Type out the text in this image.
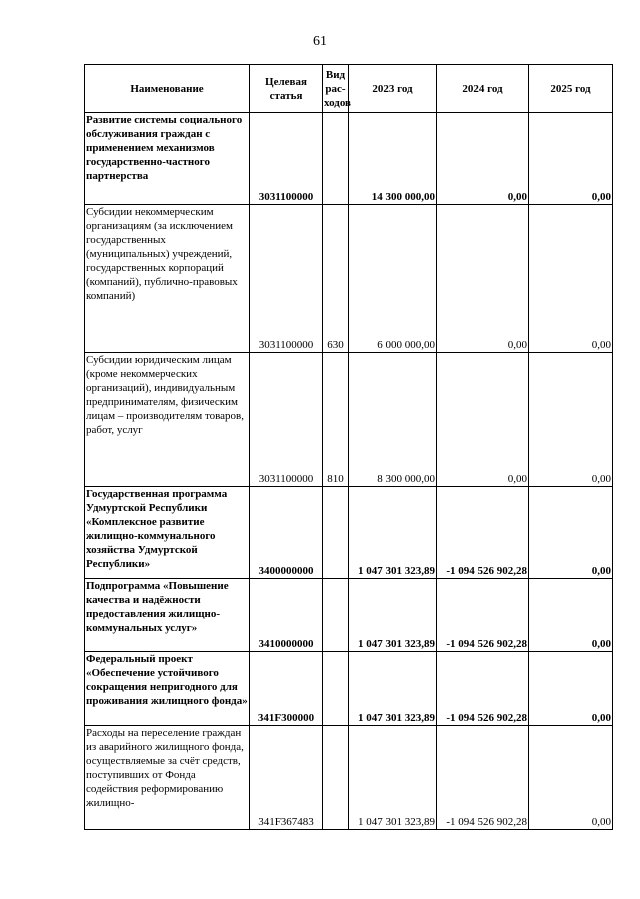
61
Наименование	Целевая статья	Вид рас-ходов	2023 год	2024 год	2025 год
Развитие системы социального обслуживания граждан с применением механизмов государственно-частного партнерства	3031100000		14 300 000,00	0,00	0,00
Субсидии некоммерческим организациям (за исключением государственных (муниципальных) учреждений, государственных корпораций (компаний), публично-правовых компаний)	3031100000	630	6 000 000,00	0,00	0,00
Субсидии юридическим лицам (кроме некоммерческих организаций), индивидуальным предпринимателям, физическим лицам – производителям товаров, работ, услуг	3031100000	810	8 300 000,00	0,00	0,00
Государственная программа Удмуртской Республики «Комплексное развитие жилищно-коммунального хозяйства Удмуртской Республики»	3400000000		1 047 301 323,89	-1 094 526 902,28	0,00
Подпрограмма «Повышение качества и надёжности предоставления жилищно-коммунальных услуг»	3410000000		1 047 301 323,89	-1 094 526 902,28	0,00
Федеральный проект «Обеспечение устойчивого сокращения непригодного для проживания жилищного фонда»	341F300000		1 047 301 323,89	-1 094 526 902,28	0,00
Расходы на переселение граждан из аварийного жилищного фонда, осуществляемые за счёт средств, поступивших от Фонда содействия реформированию жилищно-	341F367483		1 047 301 323,89	-1 094 526 902,28	0,00
